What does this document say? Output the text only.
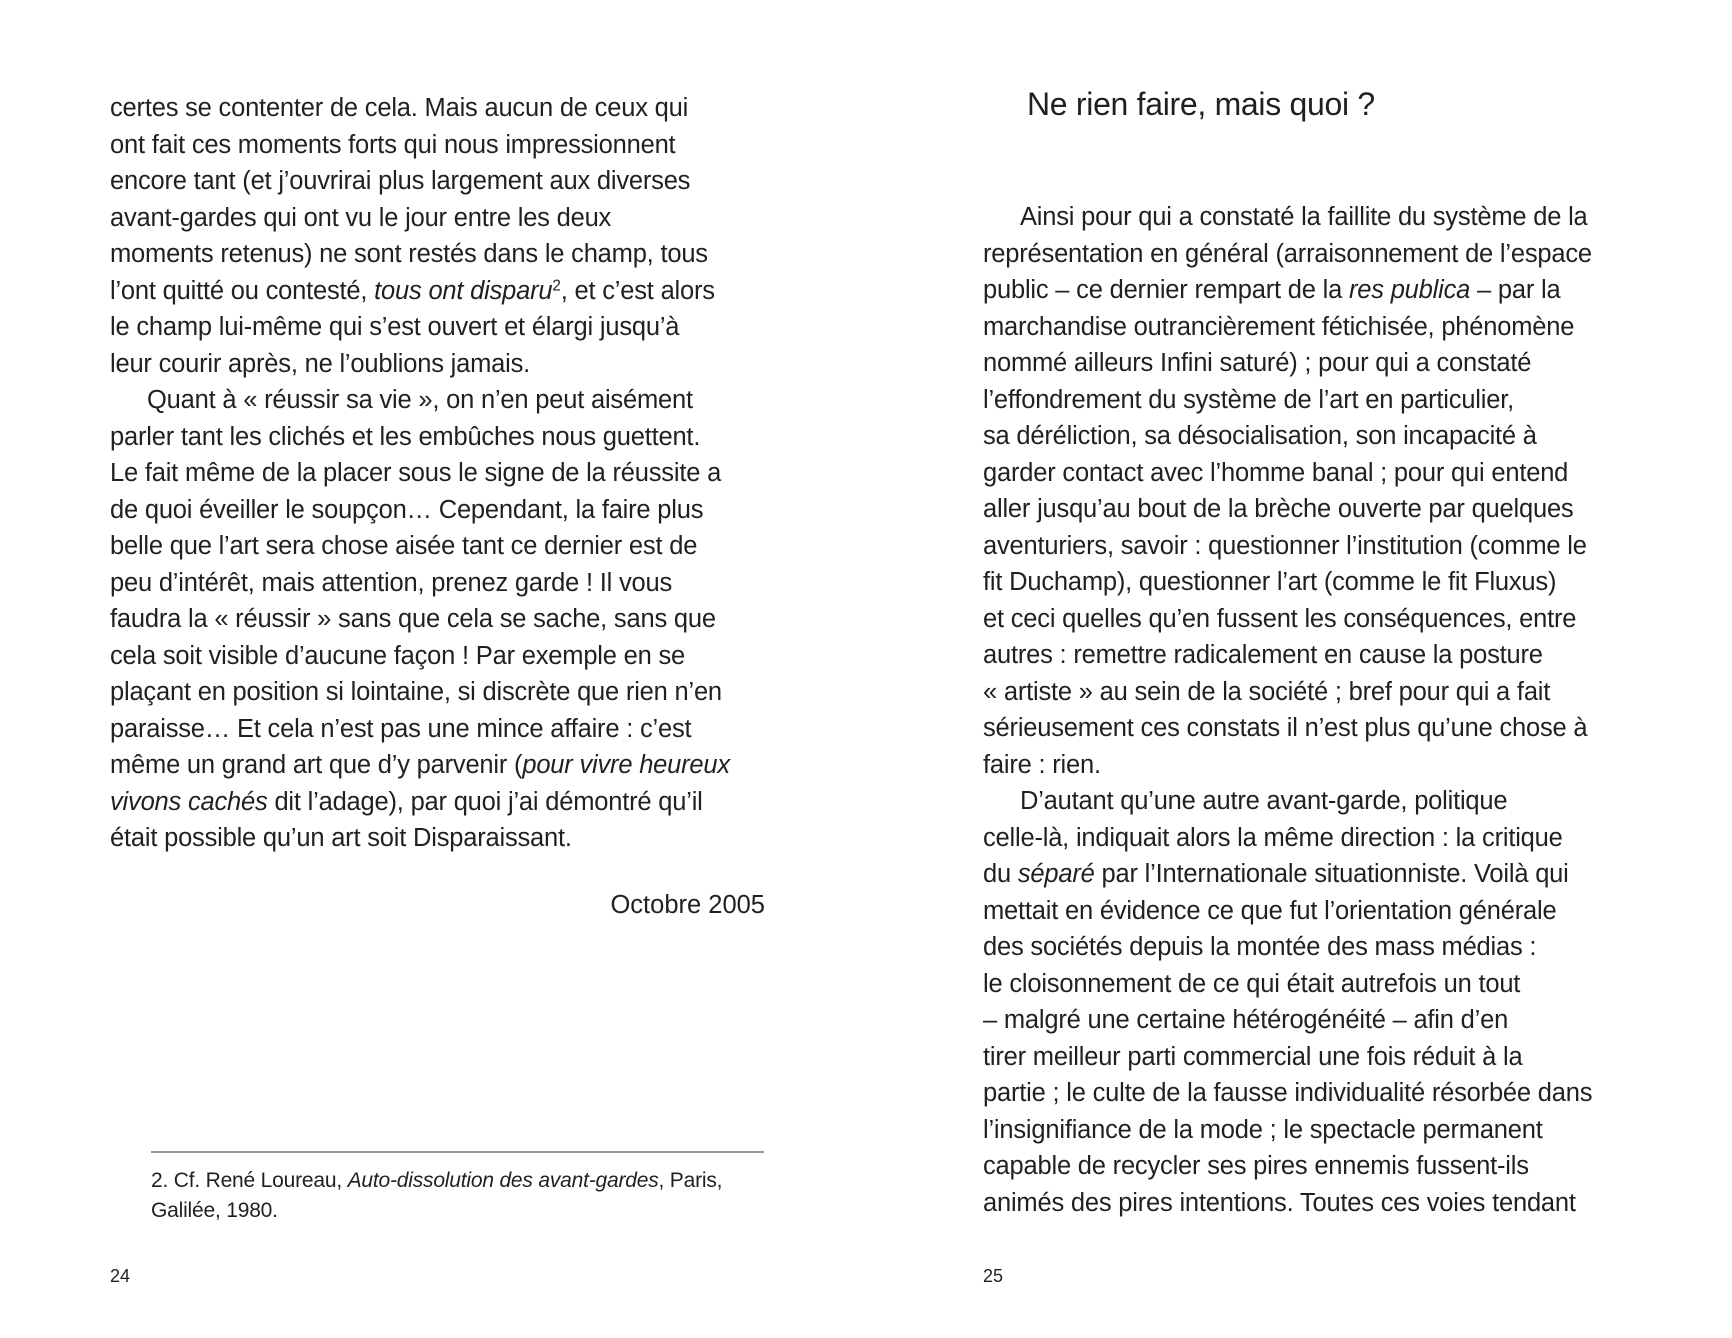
certes se contenter de cela. Mais aucun de ceux qui
ont fait ces moments forts qui nous impressionnent
encore tant (et j’ouvrirai plus largement aux diverses
avant-gardes qui ont vu le jour entre les deux
moments retenus) ne sont restés dans le champ, tous
l’ont quitté ou contesté, tous ont disparu$^2$, et c’est alors
le champ lui-même qui s’est ouvert et élargi jusqu’à
leur courir après, ne l’oublions jamais.
Quant à « réussir sa vie », on n’en peut aisément
parler tant les clichés et les embûches nous guettent.
Le fait même de la placer sous le signe de la réussite a
de quoi éveiller le soupçon… Cependant, la faire plus
belle que l’art sera chose aisée tant ce dernier est de
peu d’intérêt, mais attention, prenez garde ! Il vous
faudra la « réussir » sans que cela se sache, sans que
cela soit visible d’aucune façon ! Par exemple en se
plaçant en position si lointaine, si discrète que rien n’en
paraisse… Et cela n’est pas une mince affaire : c’est
même un grand art que d’y parvenir (pour vivre heureux
vivons cachés dit l’adage), par quoi j’ai démontré qu’il
était possible qu’un art soit Disparaissant.
Octobre 2005
2. Cf. René Loureau, Auto-dissolution des avant-gardes, Paris, Galilée, 1980.
24
Ne rien faire, mais quoi ?
Ainsi pour qui a constaté la faillite du système de la
représentation en général (arraisonnement de l’espace
public – ce dernier rempart de la res publica – par la
marchandise outrancièrement fétichisée, phénomène
nommé ailleurs Infini saturé) ; pour qui a constaté
l’effondrement du système de l’art en particulier,
sa déréliction, sa désocialisation, son incapacité à
garder contact avec l’homme banal ; pour qui entend
aller jusqu’au bout de la brèche ouverte par quelques
aventuriers, savoir : questionner l’institution (comme le
fit Duchamp), questionner l’art (comme le fit Fluxus)
et ceci quelles qu’en fussent les conséquences, entre
autres : remettre radicalement en cause la posture
« artiste » au sein de la société ; bref pour qui a fait
sérieusement ces constats il n’est plus qu’une chose à
faire : rien.
D’autant qu’une autre avant-garde, politique
celle-là, indiquait alors la même direction : la critique
du séparé par l’Internationale situationniste. Voilà qui
mettait en évidence ce que fut l’orientation générale
des sociétés depuis la montée des mass médias :
le cloisonnement de ce qui était autrefois un tout
– malgré une certaine hétérogénéité – afin d’en
tirer meilleur parti commercial une fois réduit à la
partie ; le culte de la fausse individualité résorbée dans
l’insignifiance de la mode ; le spectacle permanent
capable de recycler ses pires ennemis fussent-ils
animés des pires intentions. Toutes ces voies tendant
25
